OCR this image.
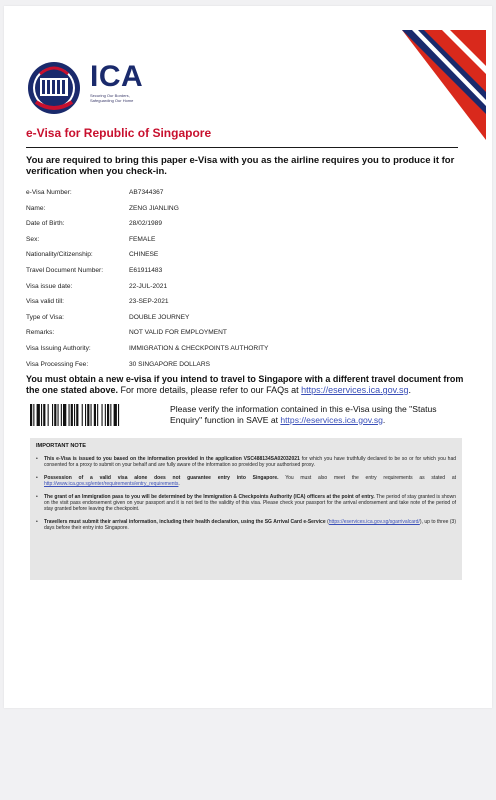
ICA
Securing Our Borders, Safeguarding Our Home
e-Visa for Republic of Singapore
You are required to bring this paper e-Visa with you as the airline requires you to produce it for verification when you check-in.
e-Visa Number:	AB7344367
Name:	ZENG JIANLING
Date of Birth:	28/02/1989
Sex:	FEMALE
Nationality/Citizenship:	CHINESE
Travel Document Number:	E61911483
Visa issue date:	22-JUL-2021
Visa valid till:	23-SEP-2021
Type of Visa:	DOUBLE JOURNEY
Remarks:	NOT VALID FOR EMPLOYMENT
Visa Issuing Authority:	IMMIGRATION & CHECKPOINTS AUTHORITY
Visa Processing Fee:	30 SINGAPORE DOLLARS
You must obtain a new e-visa if you intend to travel to Singapore with a different travel document from the one stated above. For more details, please refer to our FAQs at https://eservices.ica.gov.sg.
Please verify the information contained in this e-Visa using the "Status Enquiry" function in SAVE at https://eservices.ica.gov.sg.
IMPORTANT NOTE
• This e-Visa is issued to you based on the information provided in the application VSC488134SA02032021 for which you have truthfully declared to be so or for which you had consented for a proxy to submit on your behalf and are fully aware of the information so provided by your authorised proxy.
• Possession of a valid visa alone does not guarantee entry into Singapore. You must also meet the entry requirements as stated at http://www.ica.gov.sg/enter/requirements/entry_requirements.
• The grant of an Immigration pass to you will be determined by the Immigration & Checkpoints Authority (ICA) officers at the point of entry. The period of stay granted is shown on the visit pass endorsement given on your passport and it is not tied to the validity of this visa. Please check your passport for the arrival endorsement and take note of the period of stay granted before leaving the checkpoint.
• Travellers must submit their arrival information, including their health declaration, using the SG Arrival Card e-Service (https://eservices.ica.gov.sg/sgarrivalcard/), up to three (3) days before their entry into Singapore.
